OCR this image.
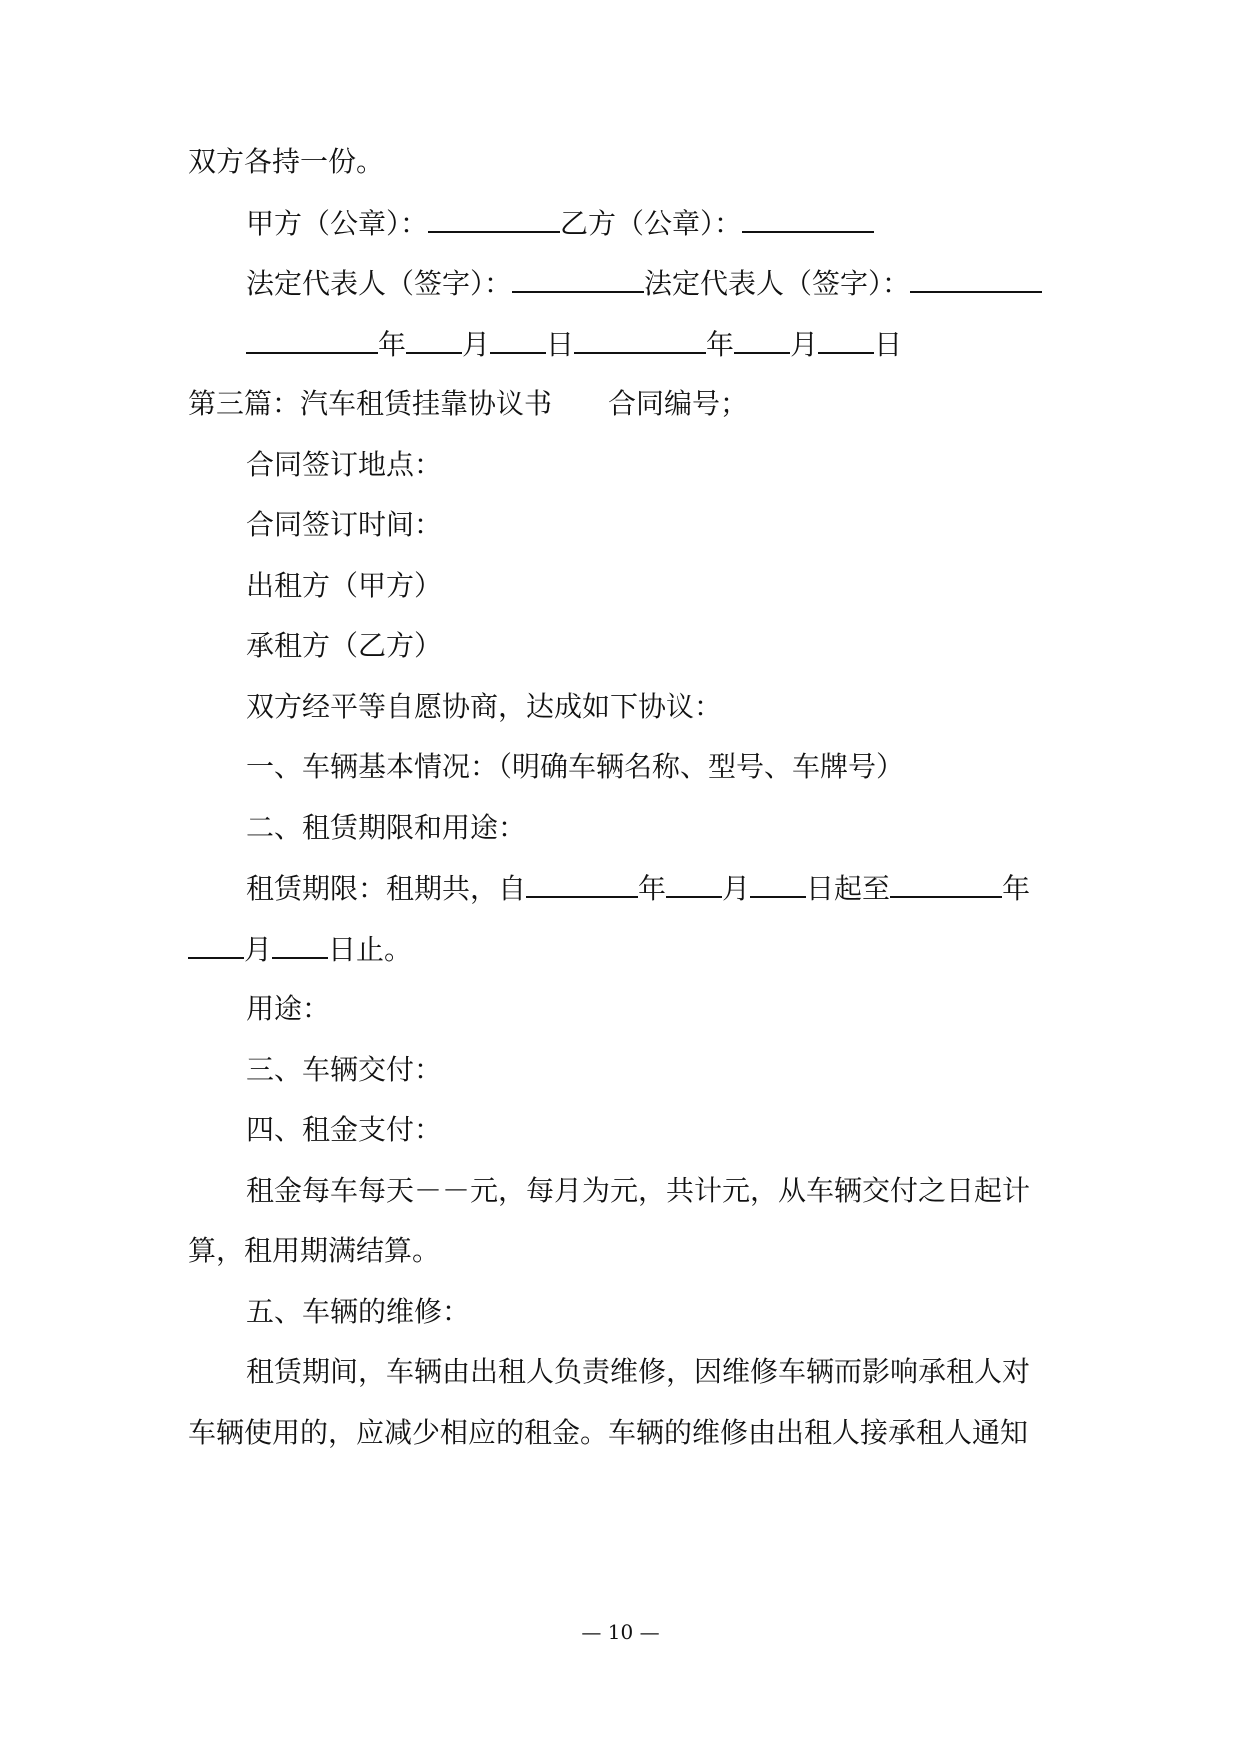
双方各持一份。
甲方（公章）：	乙方（公章）：
法定代表人（签字）：	法定代表人（签字）：
年 月 日	年 月 日
第三篇：汽车租赁挂靠协议书 合同编号；
合同签订地点：
合同签订时间：
出租方（甲方）
承租方（乙方）
双方经平等自愿协商，达成如下协议：
一、车辆基本情况：（明确车辆名称、型号、车牌号）
二、租赁期限和用途：
租赁期限：租期共，自	年 月 日起至	年
月 日止。
用途：
三、车辆交付：
四、租金支付：
租金每车每天－－元，每月为元，共计元，从车辆交付之日起计
算，租用期满结算。
五、车辆的维修：
租赁期间，车辆由出租人负责维修，因维修车辆而影响承租人对
车辆使用的，应减少相应的租金。车辆的维修由出租人接承租人通知
— 10 —
